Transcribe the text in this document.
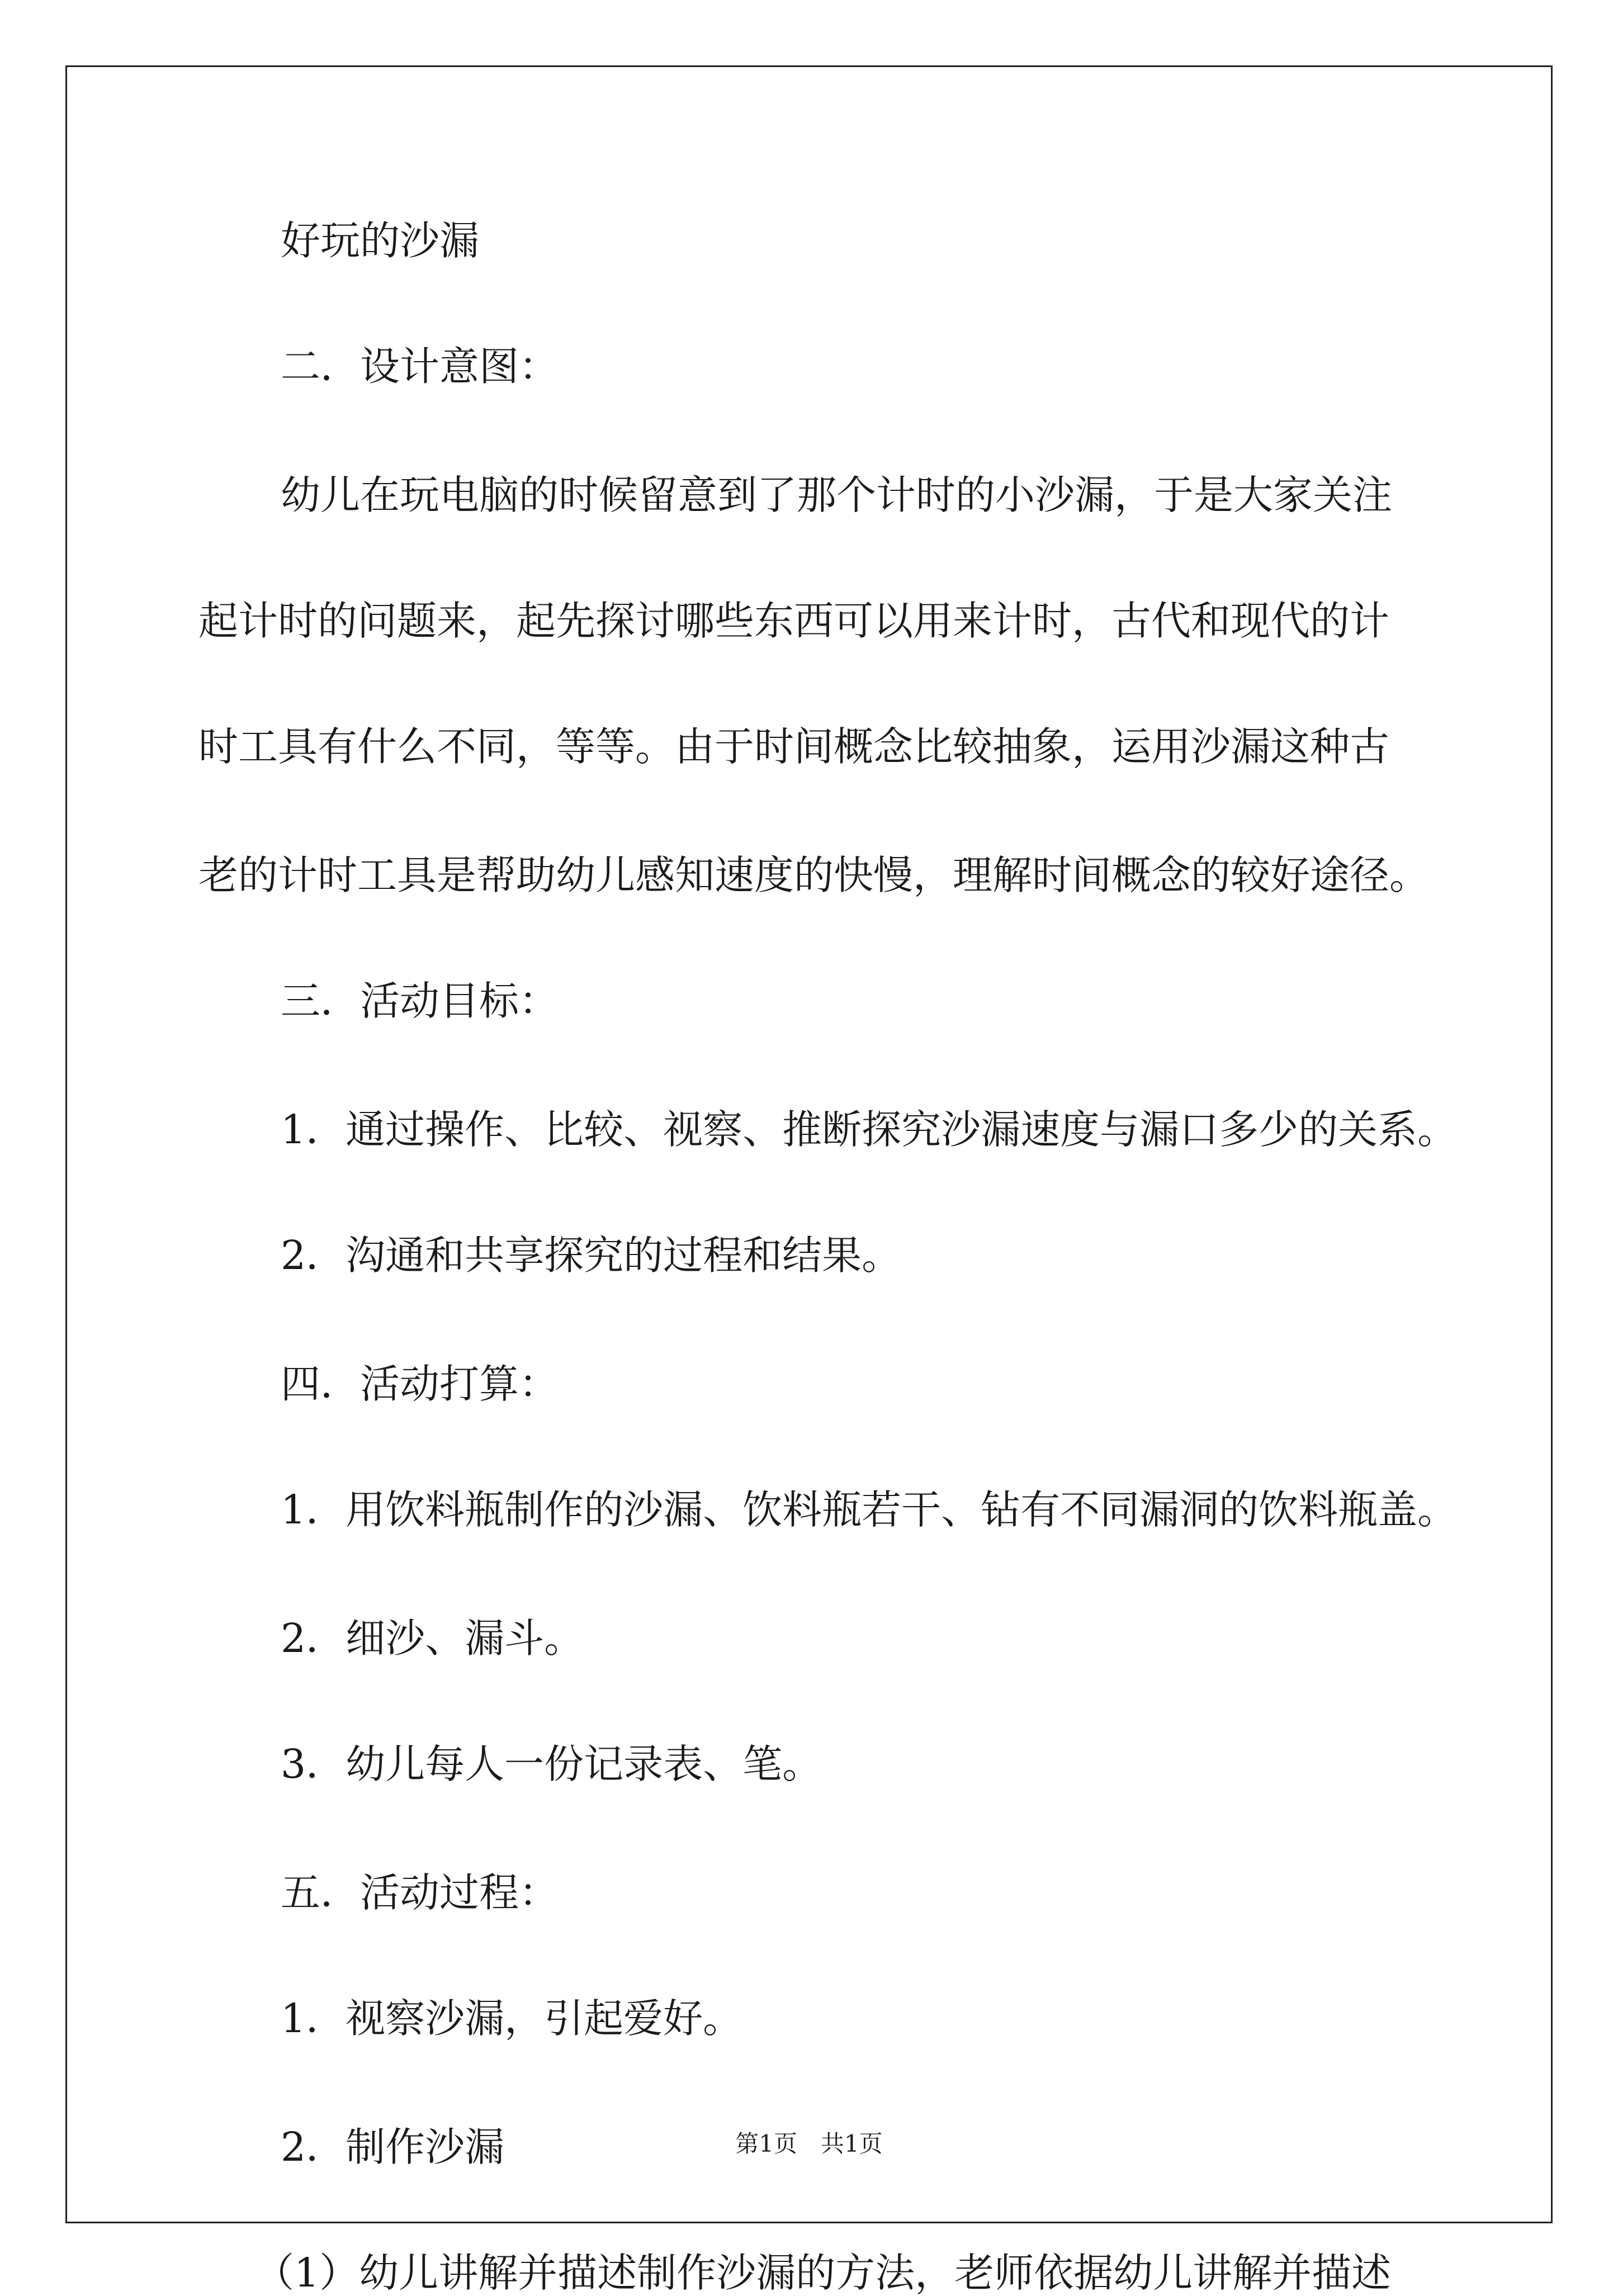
好玩的沙漏

二．设计意图：

幼儿在玩电脑的时候留意到了那个计时的小沙漏，于是大家关注

起计时的问题来，起先探讨哪些东西可以用来计时，古代和现代的计

时工具有什么不同，等等。由于时间概念比较抽象，运用沙漏这种古

老的计时工具是帮助幼儿感知速度的快慢，理解时间概念的较好途径。

三．活动目标：

1．通过操作、比较、视察、推断探究沙漏速度与漏口多少的关系。

2．沟通和共享探究的过程和结果。

四．活动打算：

1．用饮料瓶制作的沙漏、饮料瓶若干、钻有不同漏洞的饮料瓶盖。

2．细沙、漏斗。

3．幼儿每人一份记录表、笔。

五．活动过程：

1．视察沙漏，引起爱好。

2．制作沙漏

（1）幼儿讲解并描述制作沙漏的方法，老师依据幼儿讲解并描述

第1页　共1页
